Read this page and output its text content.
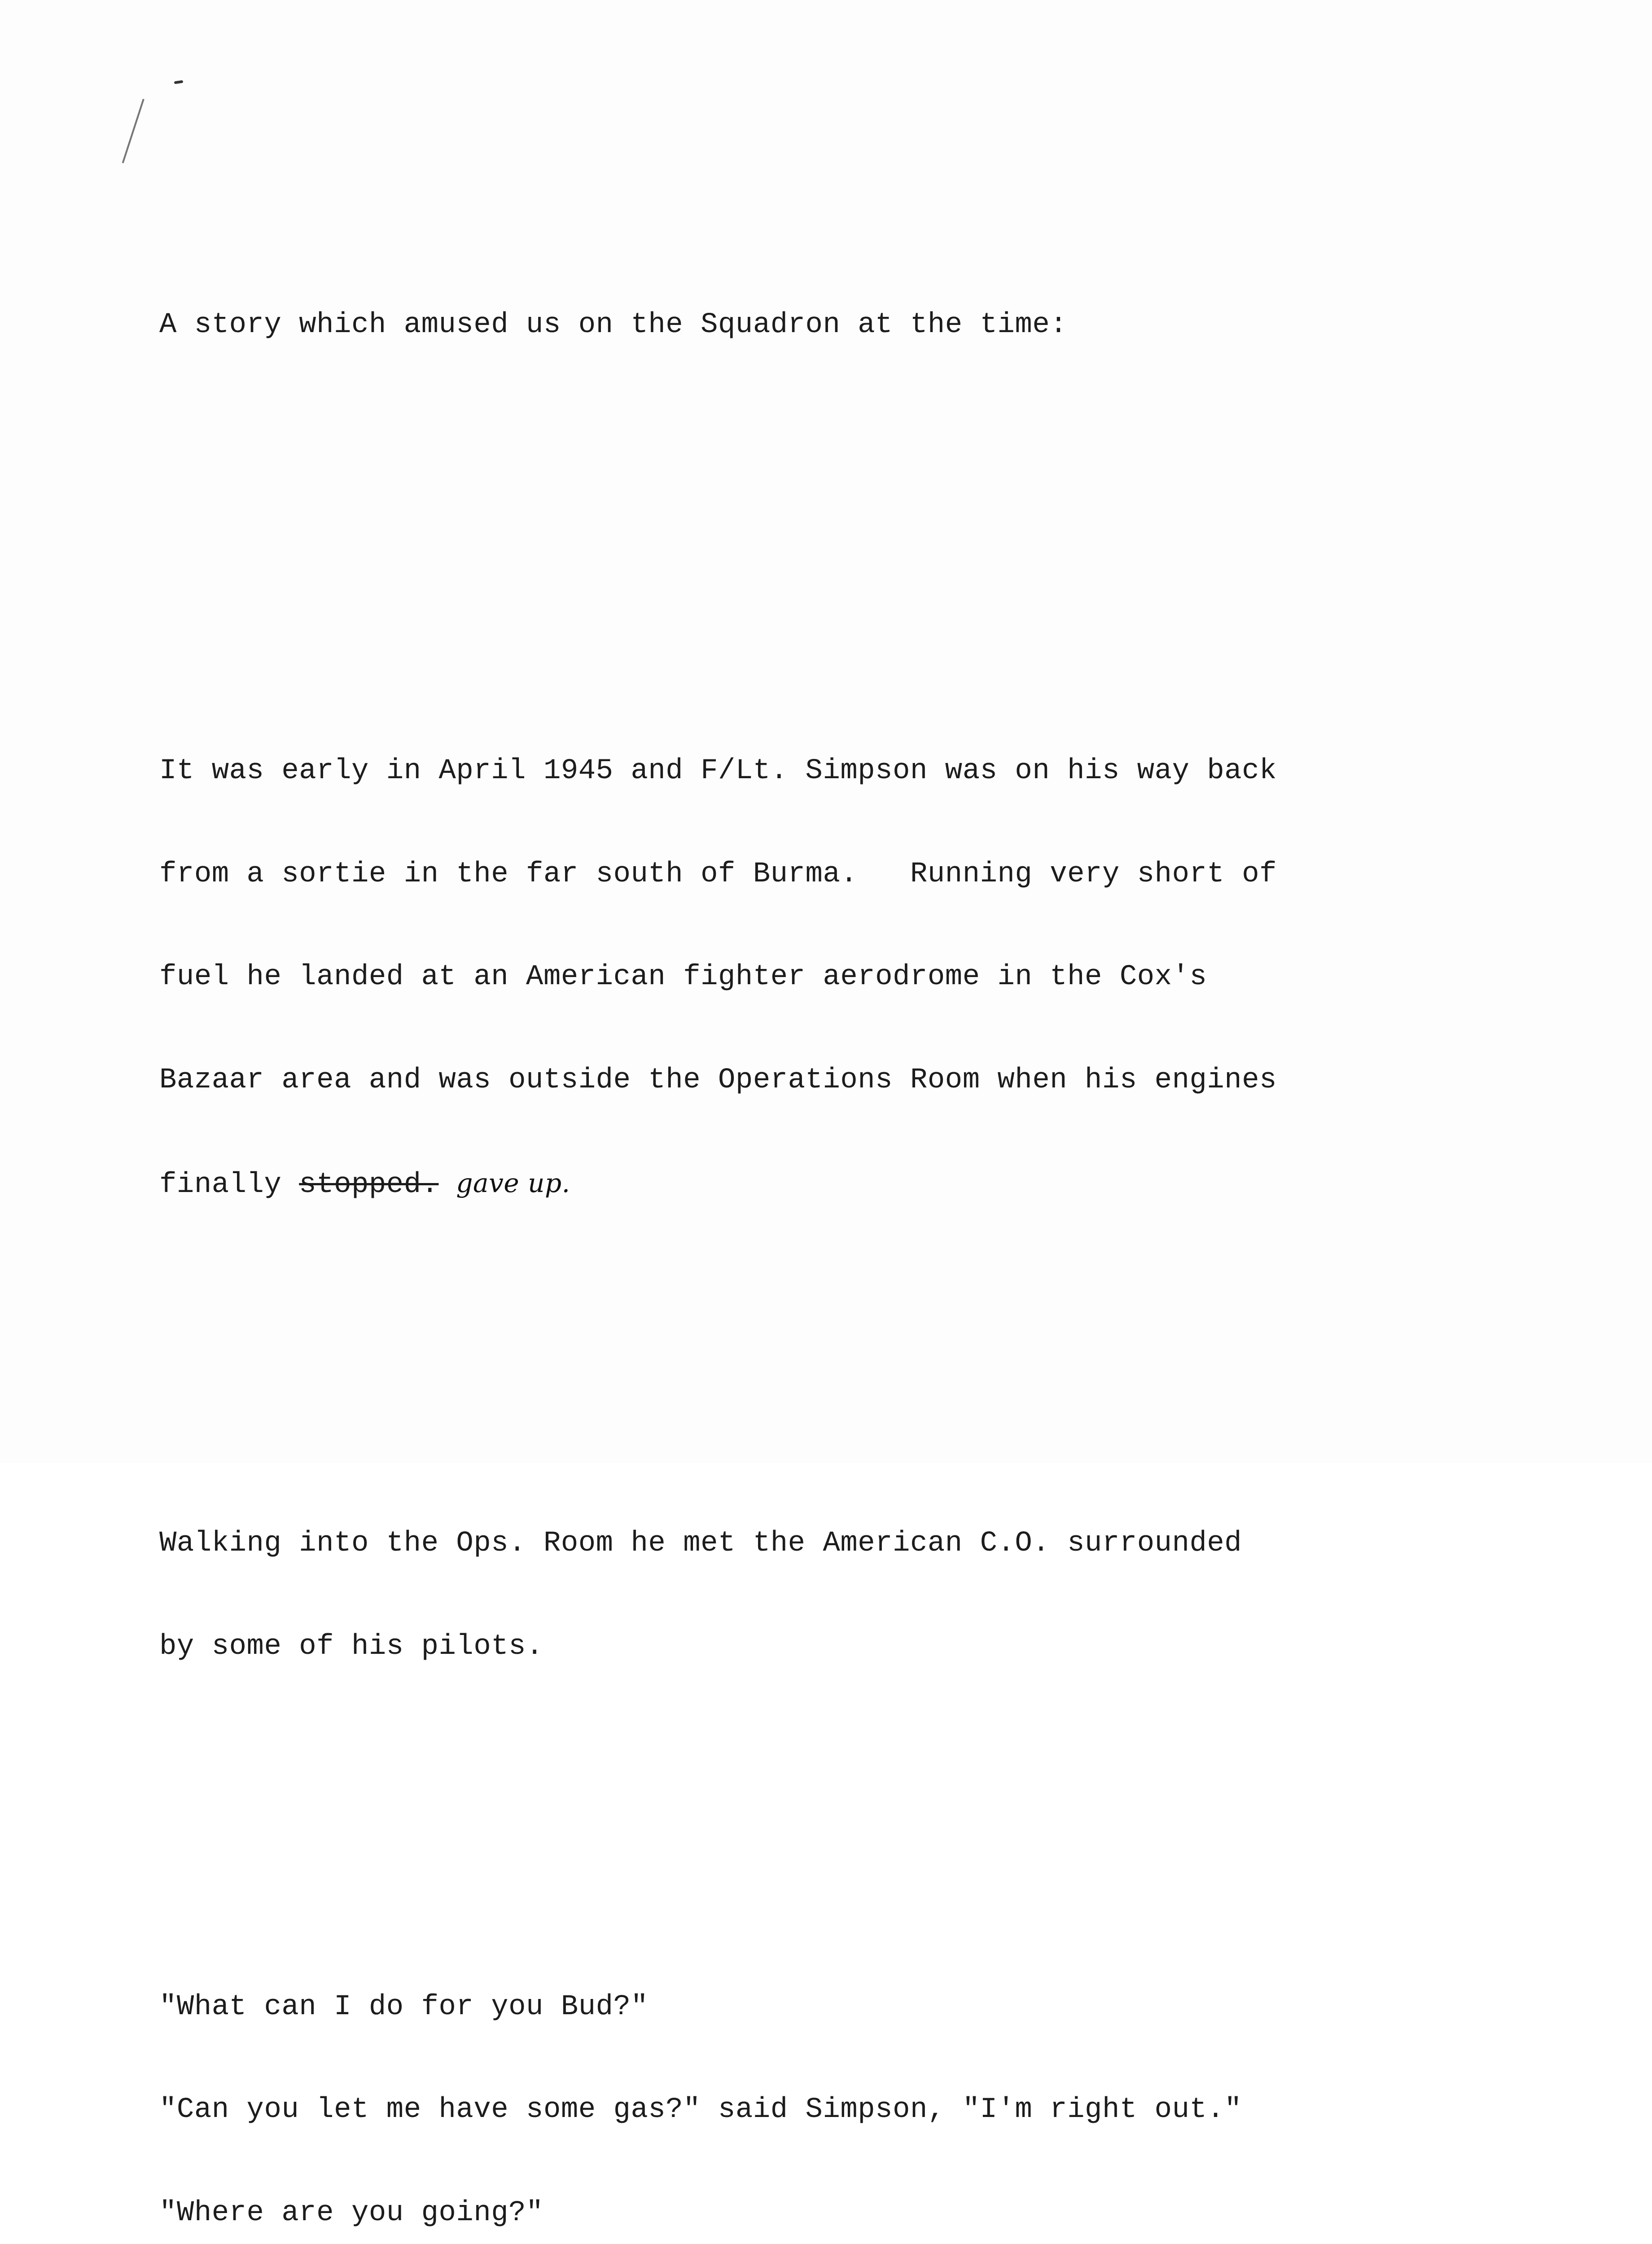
A story which amused us on the Squadron at the time:

It was early in April 1945 and F/Lt. Simpson was on his way back

from a sortie in the far south of Burma.   Running very short of

fuel he landed at an American fighter aerodrome in the Cox's

Bazaar area and was outside the Operations Room when his engines

finally stopped. gave up.

Walking into the Ops. Room he met the American C.O. surrounded

by some of his pilots.

"What can I do for you Bud?"

"Can you let me have some gas?" said Simpson, "I'm right out."

"Where are you going?"
